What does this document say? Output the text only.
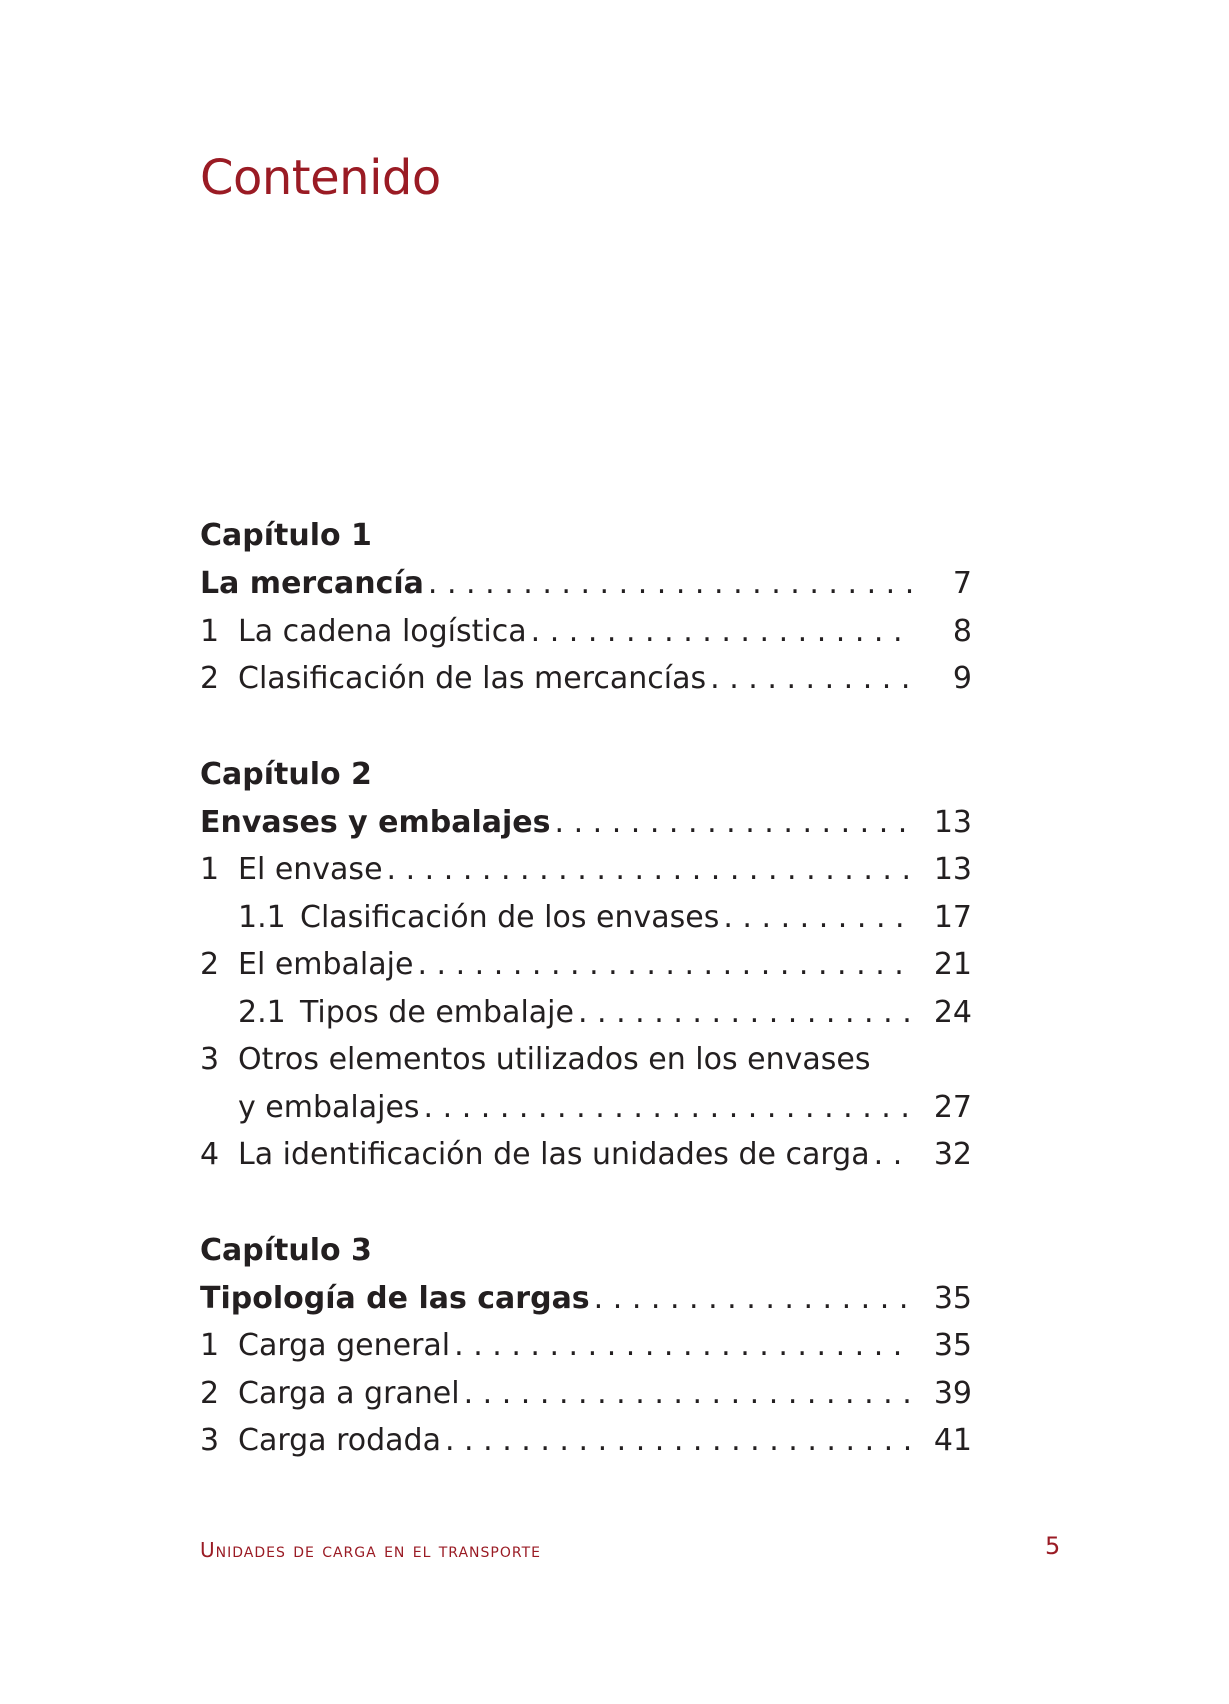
Contenido
Capítulo 1
La mercancía . . .	7
1 La cadena logística . . .	8
2 Clasificación de las mercancías . . .	9
Capítulo 2
Envases y embalajes . . .	13
1 El envase . . .	13
1.1 Clasificación de los envases . . .	17
2 El embalaje . . .	21
2.1 Tipos de embalaje . . .	24
3 Otros elementos utilizados en los envases
y embalajes . . .	27
4 La identificación de las unidades de carga . . .	32
Capítulo 3
Tipología de las cargas . . .	35
1 Carga general . . .	35
2 Carga a granel . . .	39
3 Carga rodada . . .	41
Unidades de carga en el transporte	5
